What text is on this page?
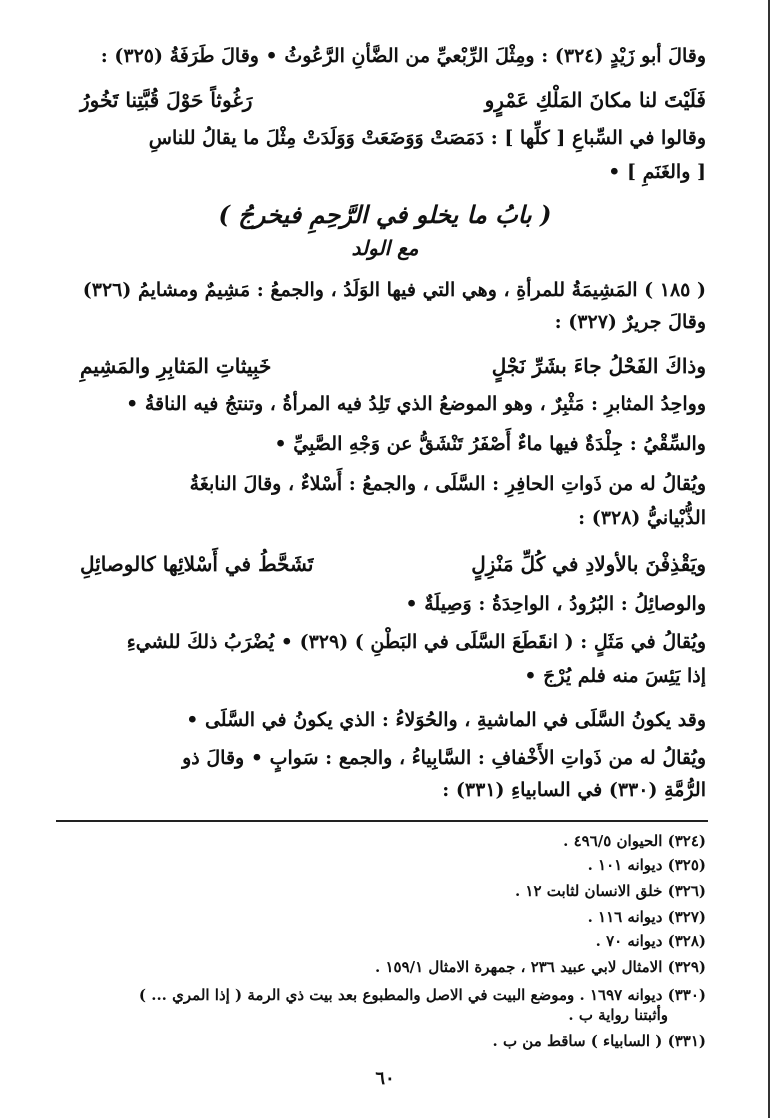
وقالَ أبو زَيْدٍ (٣٢٤) : ومِثْلَ الرِّبْعيِّ من الضَّأنِ الرَّعُوثُ • وقالَ طَرَفَةُ (٣٢٥) :
فَلَيْتَ لنا مكانَ المَلْكِ عَمْرٍو
رَغُوثاً حَوْلَ قُبَّتِنا تَخُورُ
وقالوا في السِّباعِ [ كلِّها ] : دَمَصَتْ وَوَضَعَتْ وَوَلَدَتْ مِثْلَ ما يقالُ للناسِ
[ والغَنَمِ ] •
( بابُ ما يخلو في الرَّحِمِ فيخرجُ )
مع الولد
( ١٨٥ ) المَشِيمَةُ للمرأةِ ، وهي التي فيها الوَلَدُ ، والجمعُ : مَشِيمٌ ومشايمُ (٣٢٦)
وقالَ جريرٌ (٣٢٧) :
وذاكَ الفَحْلُ جاءَ بشَرِّ نَجْلٍ
خَبِيثاتِ المَثابِرِ والمَشِيمِ
وواحِدُ المثابرِ : مَثْبِرٌ ، وهو الموضعُ الذي تَلِدُ فيه المرأةُ ، وتنتجُ فيه الناقةُ •
والسِّقْيُ : جِلْدَةٌ فيها ماءٌ أَصْفَرُ تَنْشَقُّ عن وَجْهِ الصَّبِيِّ •
ويُقالُ له من ذَواتِ الحافِرِ : السَّلَى ، والجمعُ : أَسْلاءٌ ، وقالَ النابغَةُ
الذُّبْيانيُّ (٣٢٨) :
ويَقْذِفْنَ بالأولادِ في كُلِّ مَنْزِلٍ
تَشَحَّطُ في أَسْلائِها كالوصائِلِ
والوصائِلُ : البُرُودُ ، الواحِدَةُ : وَصِيلَةٌ •
ويُقالُ في مَثَلٍ : ( انقَطَعَ السَّلَى في البَطْنِ ) (٣٢٩) • يُضْرَبُ ذلكَ للشيءِ
إذا يَئِسَ منه فلم يُرْجَ •
وقد يكونُ السَّلَى في الماشيةِ ، والحُوَلاءُ : الذي يكونُ في السَّلَى •
ويُقالُ له من ذَواتِ الأَخْفافِ : السَّابِياءُ ، والجمع : سَوابٍ • وقالَ ذو
الرُّمَّةِ (٣٣٠) في السابياءِ (٣٣١) :
(٣٢٤) الحيوان ٤٩٦/٥ .
(٣٢٥) ديوانه ١٠١ .
(٣٢٦) خلق الانسان لثابت ١٢ .
(٣٢٧) ديوانه ١١٦ .
(٣٢٨) ديوانه ٧٠ .
(٣٢٩) الامثال لابي عبيد ٢٣٦ ، جمهرة الامثال ١٥٩/١ .
(٣٣٠) ديوانه ١٦٩٧ . وموضع البيت في الاصل والمطبوع بعد بيت ذي الرمة ( إذا المري ... )
وأثبتنا رواية ب .
(٣٣١) ( السابياء ) ساقط من ب .
٦٠
